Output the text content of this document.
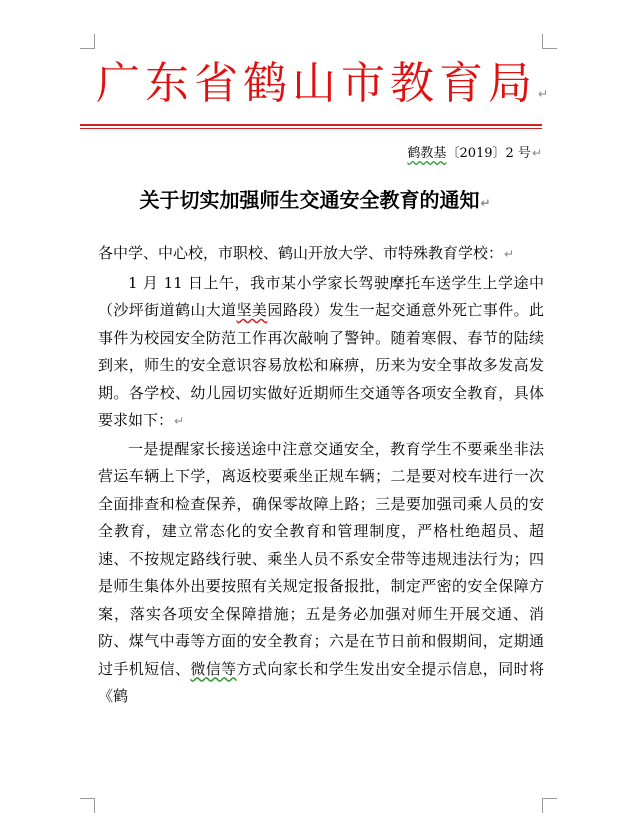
广东省鹤山市教育局↵
鹤教基〔2019〕2 号↵
关于切实加强师生交通安全教育的通知↵

各中学、中心校，市职校、鹤山开放大学、市特殊教育学校：↵

1 月 11 日上午，我市某小学家长驾驶摩托车送学生上学途中（沙坪街道鹤山大道坚美园路段）发生一起交通意外死亡事件。此事件为校园安全防范工作再次敲响了警钟。随着寒假、春节的陆续到来，师生的安全意识容易放松和麻痹，历来为安全事故多发高发期。各学校、幼儿园切实做好近期师生交通等各项安全教育，具体要求如下：↵

一是提醒家长接送途中注意交通安全，教育学生不要乘坐非法营运车辆上下学，离返校要乘坐正规车辆；二是要对校车进行一次全面排查和检查保养，确保零故障上路；三是要加强司乘人员的安全教育，建立常态化的安全教育和管理制度，严格杜绝超员、超速、不按规定路线行驶、乘坐人员不系安全带等违规违法行为；四是师生集体外出要按照有关规定报备报批，制定严密的安全保障方案，落实各项安全保障措施；五是务必加强对师生开展交通、消防、煤气中毒等方面的安全教育；六是在节日前和假期间，定期通过手机短信、微信等方式向家长和学生发出安全提示信息，同时将《鹤
